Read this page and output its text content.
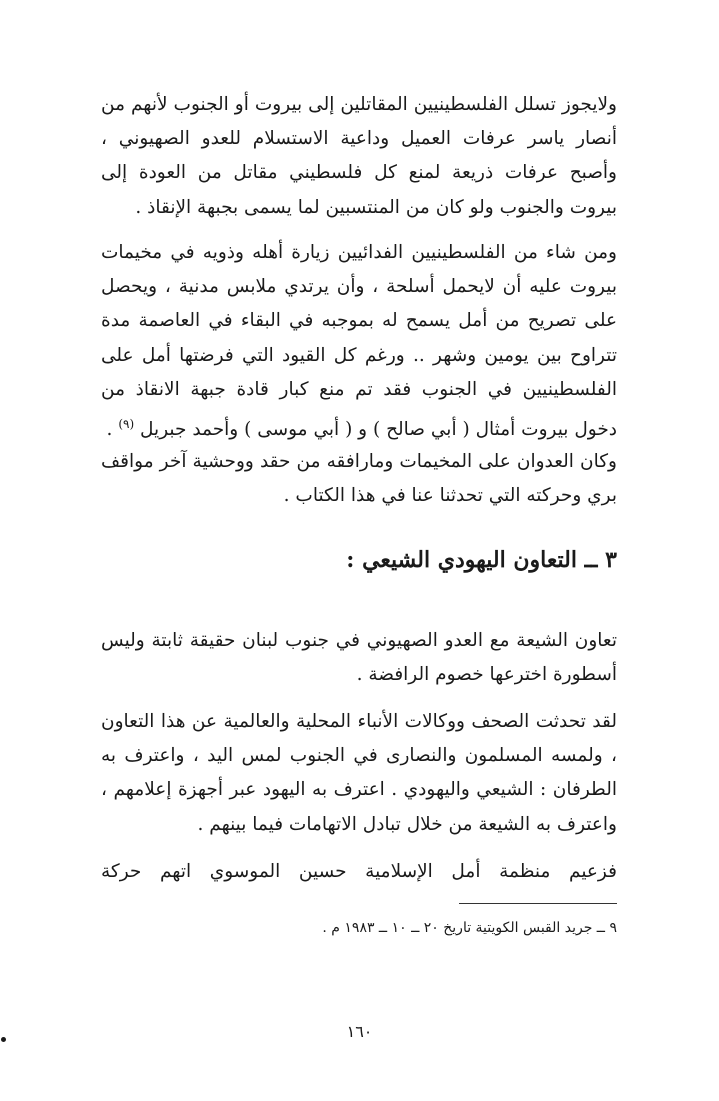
ولايجوز تسلل الفلسطينيين المقاتلين إلى بيروت أو الجنوب لأنهم من أنصار ياسر عرفات العميل وداعية الاستسلام للعدو الصهيوني ، وأصبح عرفات ذريعة لمنع كل فلسطيني مقاتل من العودة إلى بيروت والجنوب ولو كان من المنتسبين لما يسمى بجبهة الإنقاذ .

ومن شاء من الفلسطينيين الفدائيين زيارة أهله وذويه في مخيمات بيروت عليه أن لايحمل أسلحة ، وأن يرتدي ملابس مدنية ، ويحصل على تصريح من أمل يسمح له بموجبه في البقاء في العاصمة مدة تتراوح بين يومين وشهر .. ورغم كل القيود التي فرضتها أمل على الفلسطينيين في الجنوب فقد تم منع كبار قادة جبهة الانقاذ من دخول بيروت أمثال ( أبي صالح ) و ( أبي موسى ) وأحمد جبريل $^{(٩)}$ .

وكان العدوان على المخيمات ومارافقه من حقد ووحشية آخر مواقف بري وحركته التي تحدثنا عنا في هذا الكتاب .

٣ ــ التعاون اليهودي الشيعي :

تعاون الشيعة مع العدو الصهيوني في جنوب لبنان حقيقة ثابتة وليس أسطورة اخترعها خصوم الرافضة .

لقد تحدثت الصحف ووكالات الأنباء المحلية والعالمية عن هذا التعاون ، ولمسه المسلمون والنصارى في الجنوب لمس اليد ، واعترف به الطرفان : الشيعي واليهودي . اعترف به اليهود عبر أجهزة إعلامهم ، واعترف به الشيعة من خلال تبادل الاتهامات فيما بينهم .

فزعيم منظمة أمل الإسلامية حسين الموسوي اتهم حركة

٩ ــ جريد القبس الكويتية تاريخ ٢٠ ــ ١٠ ــ ١٩٨٣ م .

١٦٠
